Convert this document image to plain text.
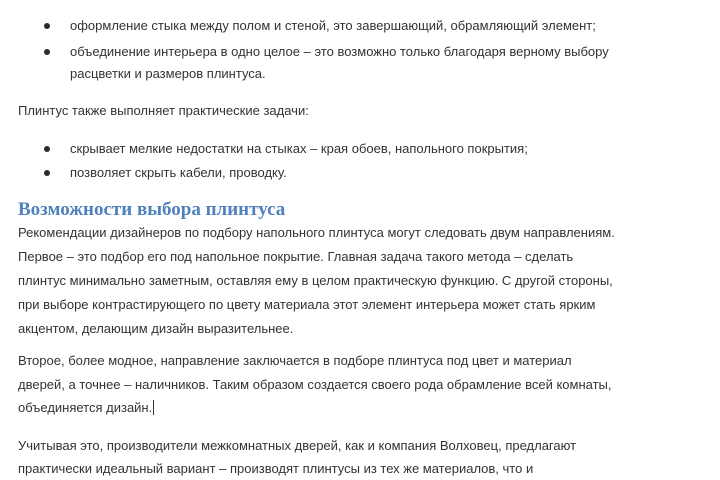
оформление стыка между полом и стеной, это завершающий, обрамляющий элемент;
объединение интерьера в одно целое – это возможно только благодаря верному выбору
расцветки и размеров плинтуса.
Плинтус также выполняет практические задачи:
скрывает мелкие недостатки на стыках – края обоев, напольного покрытия;
позволяет скрыть кабели, проводку.
Возможности выбора плинтуса
Рекомендации дизайнеров по подбору напольного плинтуса могут следовать двум направлениям.
Первое – это подбор его под напольное покрытие. Главная задача такого метода – сделать
плинтус минимально заметным, оставляя ему в целом практическую функцию. С другой стороны,
при выборе контрастирующего по цвету материала этот элемент интерьера может стать ярким
акцентом, делающим дизайн выразительнее.
Второе, более модное, направление заключается в подборе плинтуса под цвет и материал
дверей, а точнее – наличников. Таким образом создается своего рода обрамление всей комнаты,
объединяется дизайн.
Учитывая это, производители межкомнатных дверей, как и компания Волховец, предлагают
практически идеальный вариант – производят плинтусы из тех же материалов, что и
